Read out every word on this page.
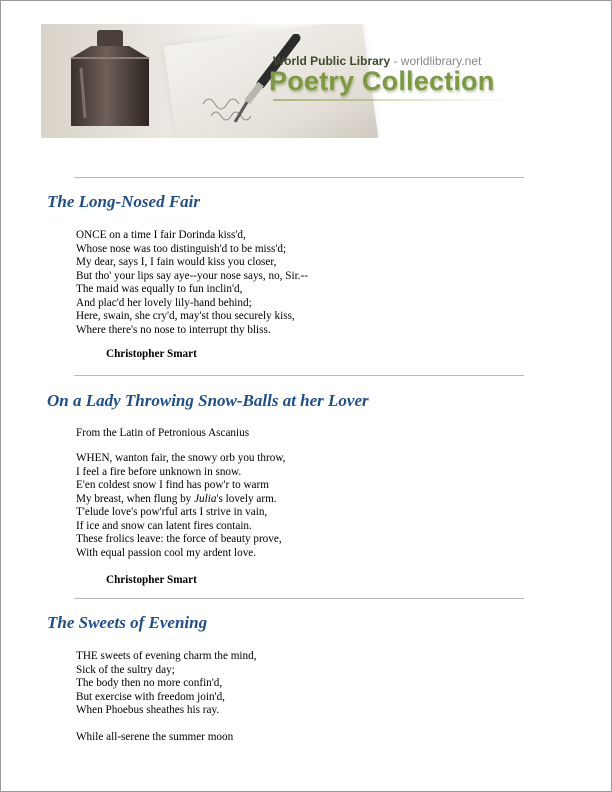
World Public Library - worldlibrary.net
Poetry Collection
The Long-Nosed Fair
ONCE on a time I fair Dorinda kiss'd,
Whose nose was too distinguish'd to be miss'd;
My dear, says I, I fain would kiss you closer,
But tho' your lips say aye--your nose says, no, Sir.--
The maid was equally to fun inclin'd,
And plac'd her lovely lily-hand behind;
Here, swain, she cry'd, may'st thou securely kiss,
Where there's no nose to interrupt thy bliss.
Christopher Smart
On a Lady Throwing Snow-Balls at her Lover
From the Latin of Petronious Ascanius
WHEN, wanton fair, the snowy orb you throw,
I feel a fire before unknown in snow.
E'en coldest snow I find has pow'r to warm
My breast, when flung by Julia's lovely arm.
T'elude love's pow'rful arts I strive in vain,
If ice and snow can latent fires contain.
These frolics leave: the force of beauty prove,
With equal passion cool my ardent love.
Christopher Smart
The Sweets of Evening
THE sweets of evening charm the mind,
Sick of the sultry day;
The body then no more confin'd,
But exercise with freedom join'd,
When Phoebus sheathes his ray.
While all-serene the summer moon
